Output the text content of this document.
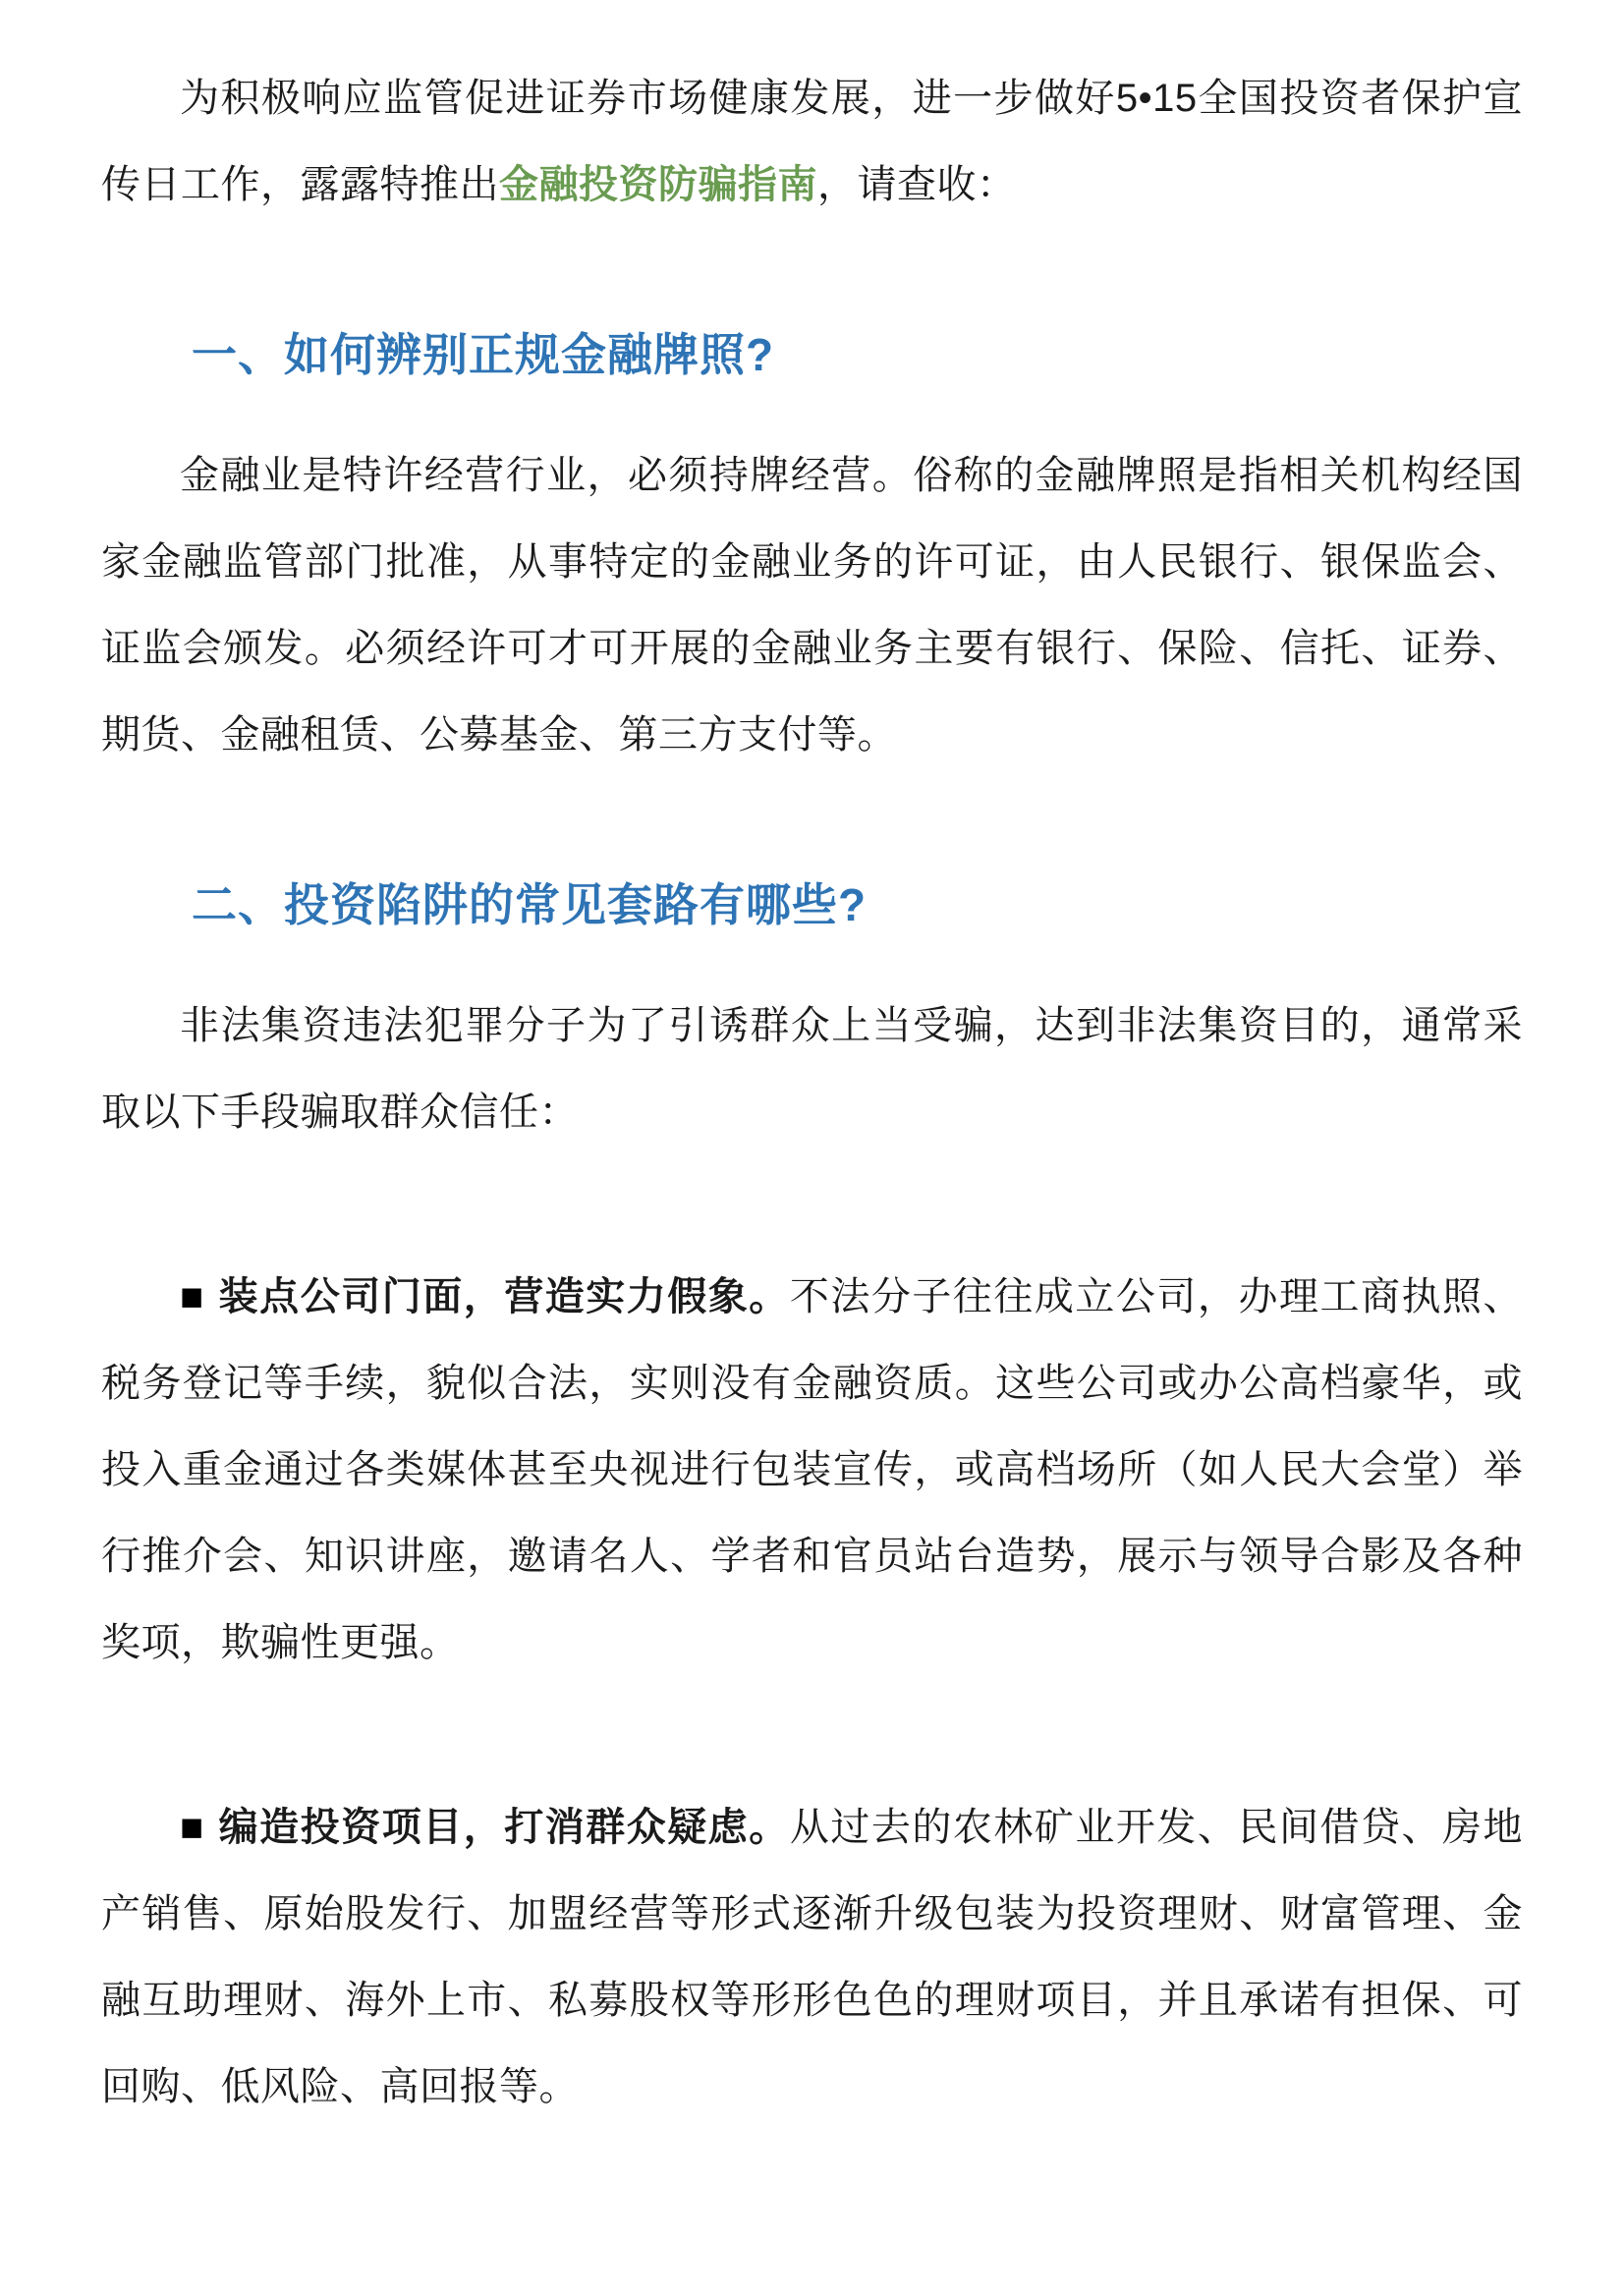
为积极响应监管促进证券市场健康发展，进一步做好5•15全国投资者保护宣传日工作，露露特推出金融投资防骗指南，请查收：

一、如何辨别正规金融牌照?

金融业是特许经营行业，必须持牌经营。俗称的金融牌照是指相关机构经国家金融监管部门批准，从事特定的金融业务的许可证，由人民银行、银保监会、证监会颁发。必须经许可才可开展的金融业务主要有银行、保险、信托、证券、期货、金融租赁、公募基金、第三方支付等。

二、投资陷阱的常见套路有哪些?

非法集资违法犯罪分子为了引诱群众上当受骗，达到非法集资目的，通常采取以下手段骗取群众信任：

■ 装点公司门面，营造实力假象。不法分子往往成立公司，办理工商执照、税务登记等手续，貌似合法，实则没有金融资质。这些公司或办公高档豪华，或投入重金通过各类媒体甚至央视进行包装宣传，或高档场所（如人民大会堂）举行推介会、知识讲座，邀请名人、学者和官员站台造势，展示与领导合影及各种奖项，欺骗性更强。

■ 编造投资项目，打消群众疑虑。从过去的农林矿业开发、民间借贷、房地产销售、原始股发行、加盟经营等形式逐渐升级包装为投资理财、财富管理、金融互助理财、海外上市、私募股权等形形色色的理财项目，并且承诺有担保、可回购、低风险、高回报等。
